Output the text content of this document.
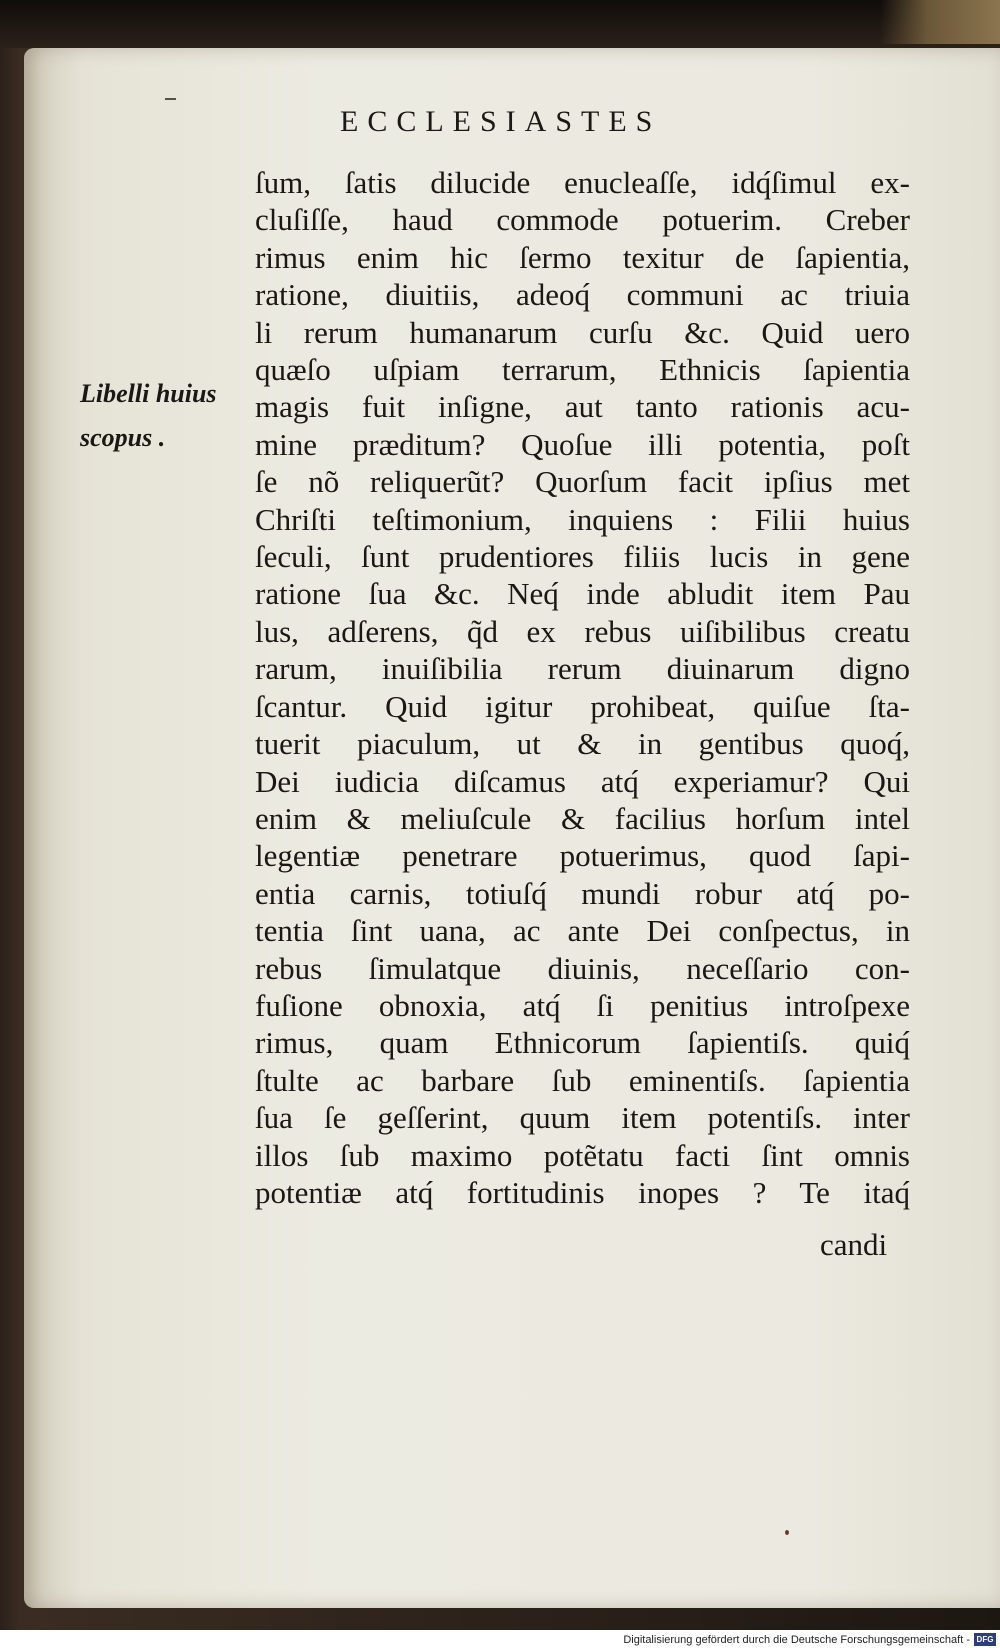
ECCLESIASTES
Libelli huius
scopus .
ſum, ſatis dilucide enucleaſſe, idq́ſimul ex-
cluſiſſe, haud commode potuerim. Creber
rimus enim hic ſermo texitur de ſapientia,
ratione, diuitiis, adeoq́ communi ac triuia
li rerum humanarum curſu &c. Quid uero
quæſo uſpiam terrarum, Ethnicis ſapientia
magis fuit inſigne, aut tanto rationis acu-
mine præditum? Quoſue illi potentia, poſt
ſe nõ reliquerũt? Quorſum facit ipſius met
Chriſti teſtimonium, inquiens : Filii huius
ſeculi, ſunt prudentiores filiis lucis in gene
ratione ſua &c. Neq́ inde abludit item Pau
lus, adſerens, q̃d ex rebus uiſibilibus creatu
rarum, inuiſibilia rerum diuinarum digno
ſcantur. Quid igitur prohibeat, quiſue ſta-
tuerit piaculum, ut & in gentibus quoq́,
Dei iudicia diſcamus atq́ experiamur? Qui
enim & meliuſcule & facilius horſum intel
legentiæ penetrare potuerimus, quod ſapi-
entia carnis, totiuſq́ mundi robur atq́ po-
tentia ſint uana, ac ante Dei conſpectus, in
rebus ſimulatque diuinis, neceſſario con-
fuſione obnoxia, atq́ ſi penitius introſpexe
rimus, quam Ethnicorum ſapientiſs. quiq́
ſtulte ac barbare ſub eminentiſs. ſapientia
ſua ſe geſſerint, quum item potentiſs. inter
illos ſub maximo potẽtatu facti ſint omnis
potentiæ atq́ fortitudinis inopes ? Te itaq́
candi
Digitalisierung gefördert durch die Deutsche Forschungsgemeinschaft - DFG
